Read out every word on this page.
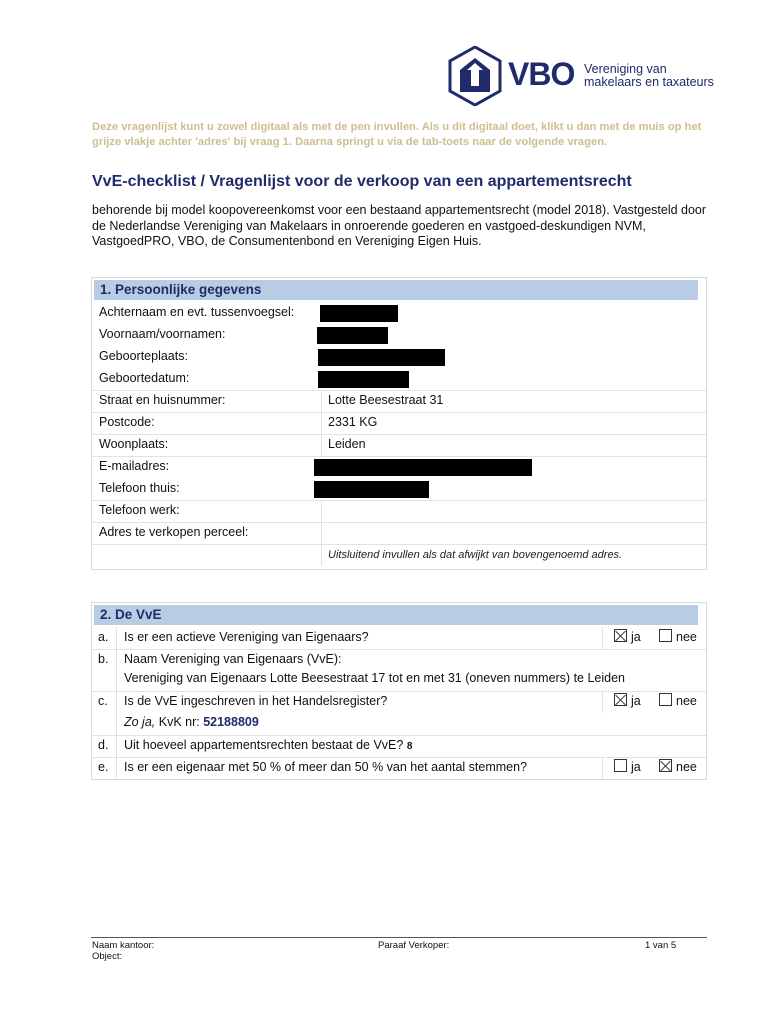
VBO Vereniging van
makelaars en taxateurs
Deze vragenlijst kunt u zowel digitaal als met de pen invullen. Als u dit digitaal doet, klikt u dan met de muis op het grijze vlakje achter 'adres' bij vraag 1. Daarna springt u via de tab-toets naar de volgende vragen.
VvE-checklist / Vragenlijst voor de verkoop van een appartementsrecht
behorende bij model koopovereenkomst voor een bestaand appartementsrecht (model 2018). Vastgesteld door de Nederlandse Vereniging van Makelaars in onroerende goederen en vastgoed-deskundigen NVM, VastgoedPRO, VBO, de Consumentenbond en Vereniging Eigen Huis.
1. Persoonlijke gegevens
Achternaam en evt. tussenvoegsel:
Voornaam/voornamen:
Geboorteplaats:
Geboortedatum:
Straat en huisnummer:	Lotte Beesestraat 31
Postcode:	2331 KG
Woonplaats:	Leiden
E-mailadres:
Telefoon thuis:
Telefoon werk:
Adres te verkopen perceel:
Uitsluitend invullen als dat afwijkt van bovengenoemd adres.
2. De VvE
a. Is er een actieve Vereniging van Eigenaars?	ja	nee
b. Naam Vereniging van Eigenaars (VvE):
Vereniging van Eigenaars Lotte Beesestraat 17 tot en met 31 (oneven nummers) te Leiden
c. Is de VvE ingeschreven in het Handelsregister?	ja	nee
Zo ja, KvK nr: 52188809
d. Uit hoeveel appartementsrechten bestaat de VvE? 8
e. Is er een eigenaar met 50 % of meer dan 50 % van het aantal stemmen?	ja	nee
Naam kantoor:
Object:
Paraaf Verkoper:	1 van 5
